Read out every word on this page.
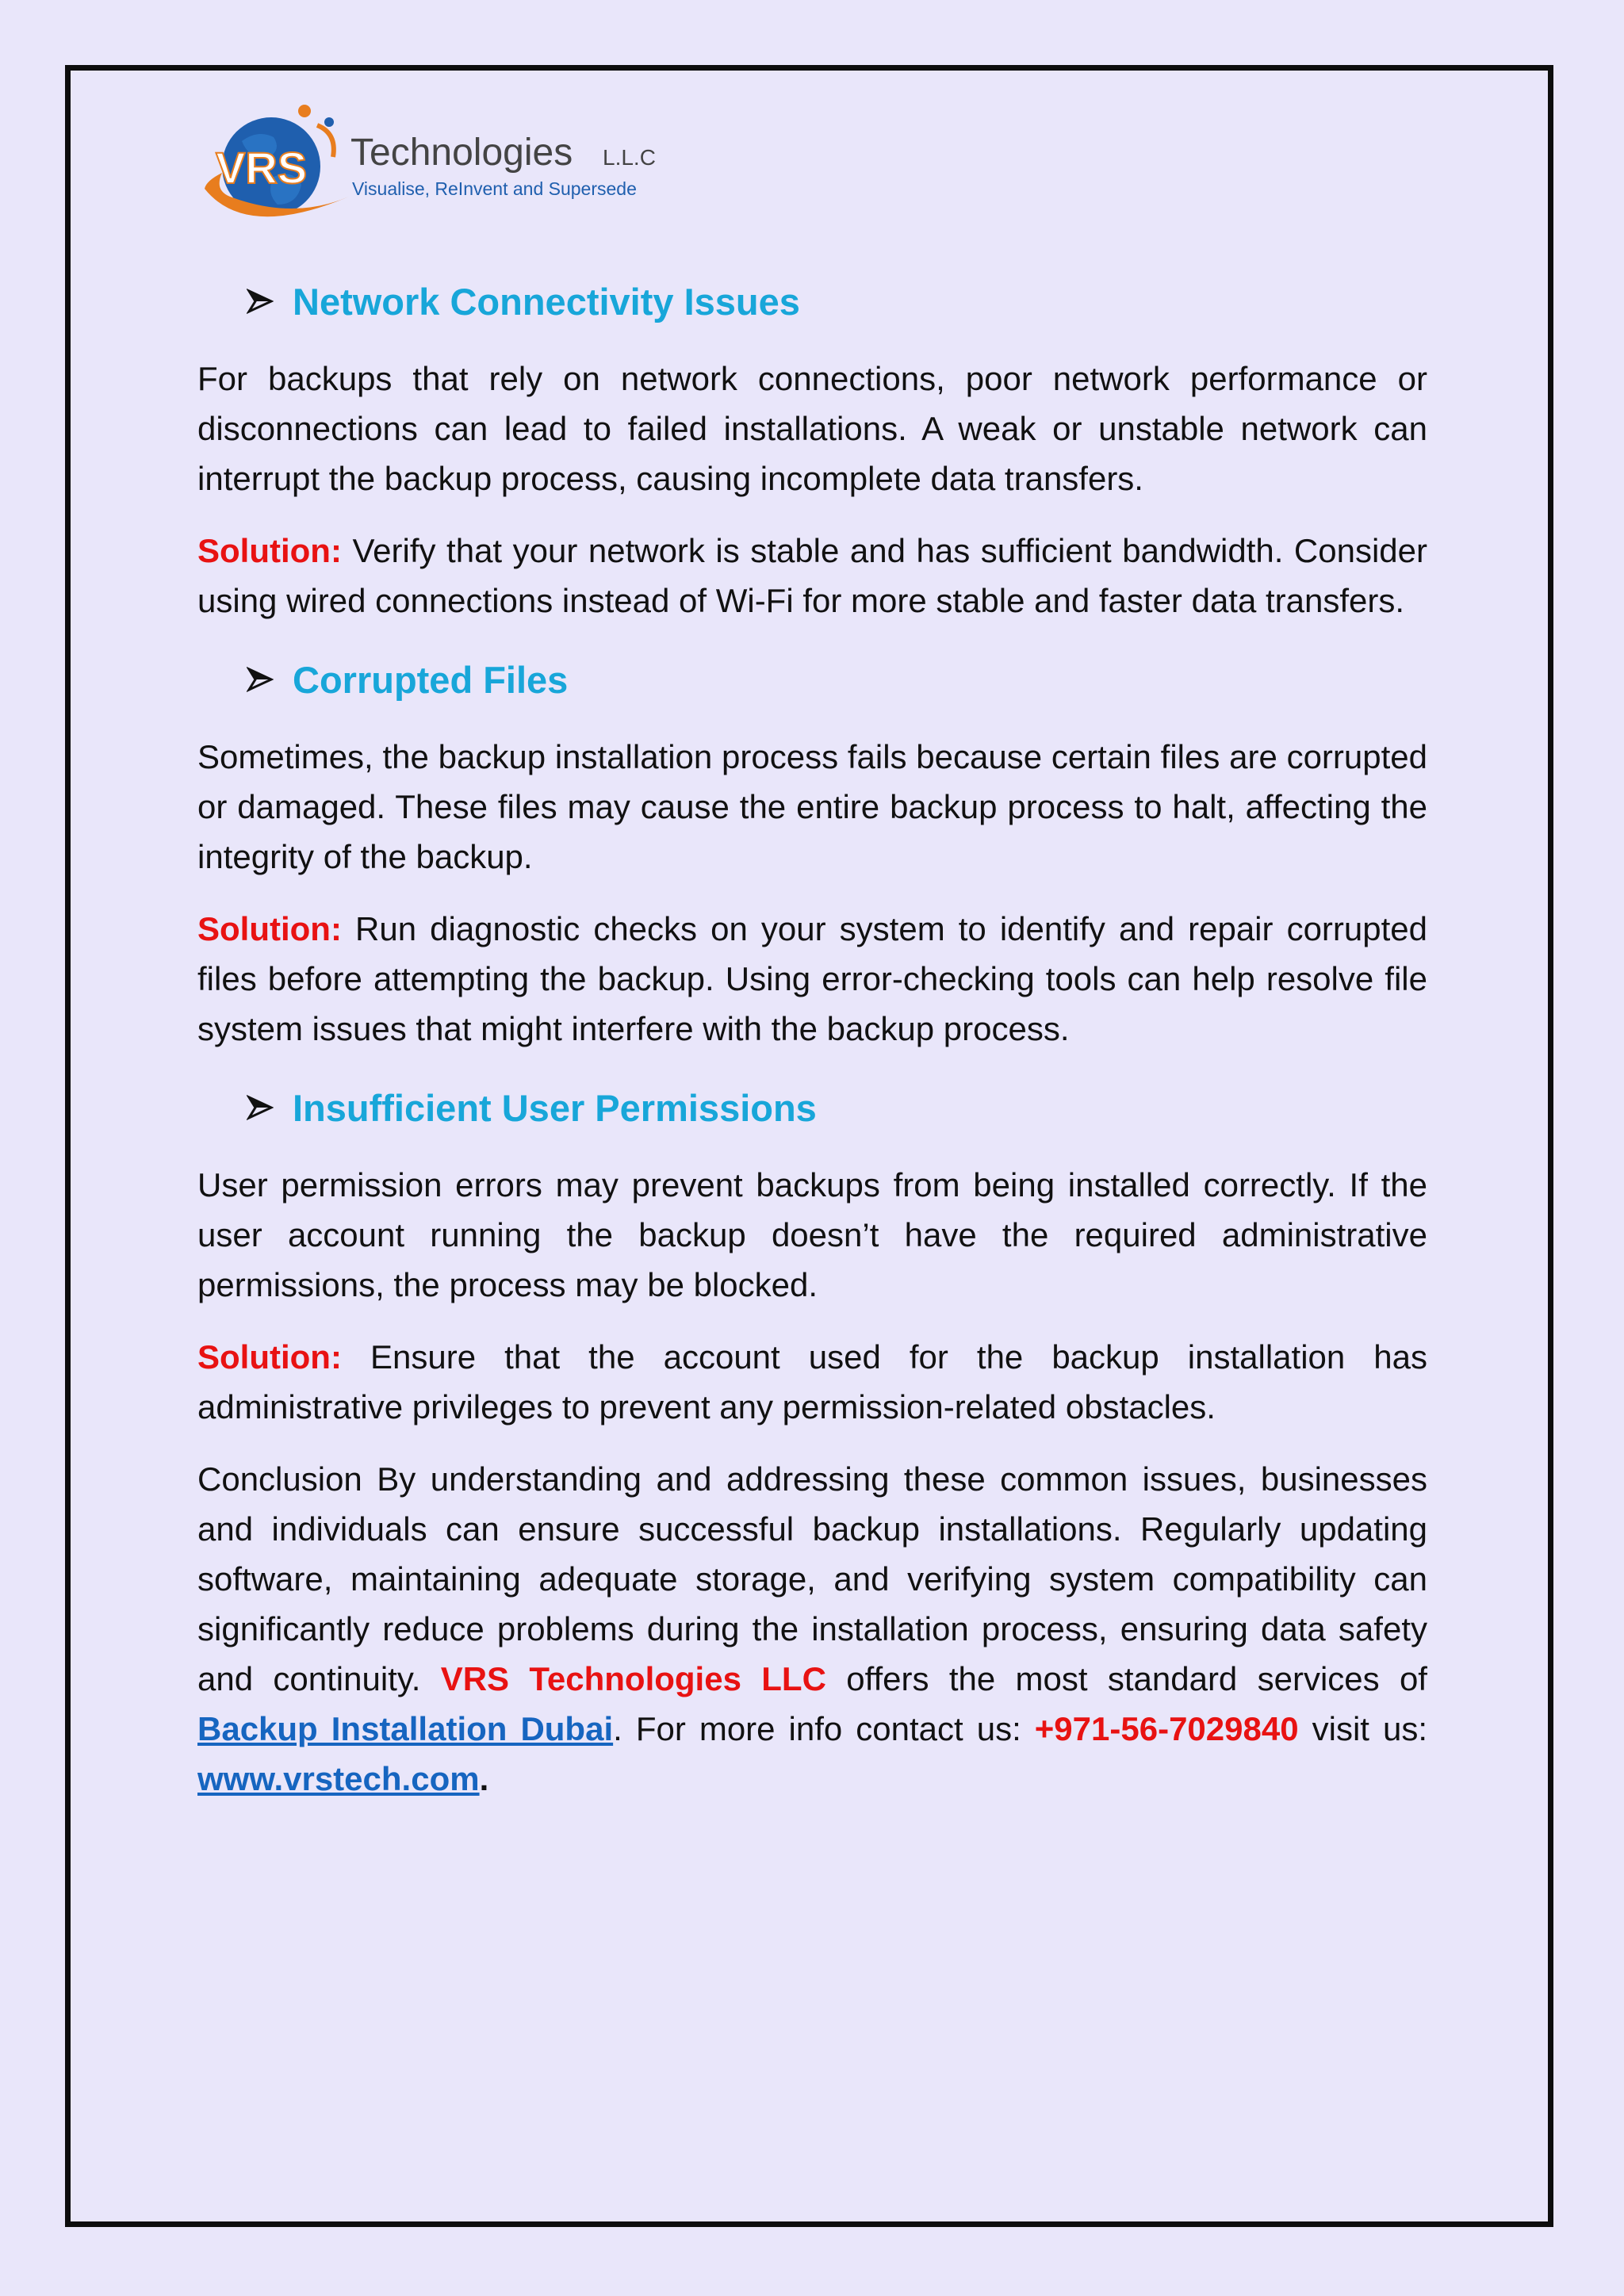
VRS Technologies L.L.C
Visualise, ReInvent and Supersede
Network Connectivity Issues

For backups that rely on network connections, poor network performance or disconnections can lead to failed installations. A weak or unstable network can interrupt the backup process, causing incomplete data transfers.

Solution: Verify that your network is stable and has sufficient bandwidth. Consider using wired connections instead of Wi-Fi for more stable and faster data transfers.

Corrupted Files

Sometimes, the backup installation process fails because certain files are corrupted or damaged. These files may cause the entire backup process to halt, affecting the integrity of the backup.

Solution: Run diagnostic checks on your system to identify and repair corrupted files before attempting the backup. Using error-checking tools can help resolve file system issues that might interfere with the backup process.

Insufficient User Permissions

User permission errors may prevent backups from being installed correctly. If the user account running the backup doesn’t have the required administrative permissions, the process may be blocked.

Solution: Ensure that the account used for the backup installation has administrative privileges to prevent any permission-related obstacles.

Conclusion By understanding and addressing these common issues, businesses and individuals can ensure successful backup installations. Regularly updating software, maintaining adequate storage, and verifying system compatibility can significantly reduce problems during the installation process, ensuring data safety and continuity. VRS Technologies LLC offers the most standard services of Backup Installation Dubai. For more info contact us: +971-56-7029840 visit us: www.vrstech.com.
